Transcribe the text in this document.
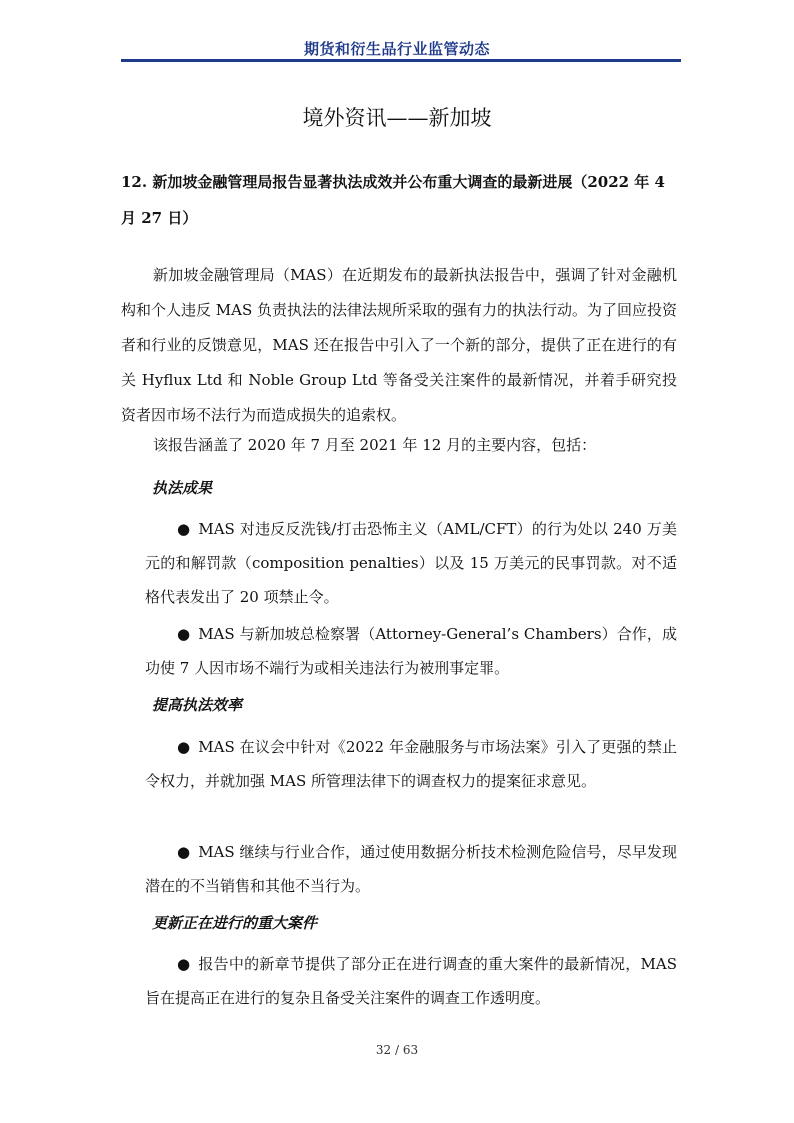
期货和衍生品行业监管动态
境外资讯——新加坡
12. 新加坡金融管理局报告显著执法成效并公布重大调查的最新进展（2022 年 4 月 27 日）
新加坡金融管理局（MAS）在近期发布的最新执法报告中，强调了针对金融机构和个人违反 MAS 负责执法的法律法规所采取的强有力的执法行动。为了回应投资者和行业的反馈意见，MAS 还在报告中引入了一个新的部分，提供了正在进行的有关 Hyflux Ltd 和 Noble Group Ltd 等备受关注案件的最新情况，并着手研究投资者因市场不法行为而造成损失的追索权。
该报告涵盖了 2020 年 7 月至 2021 年 12 月的主要内容，包括：
执法成果
● MAS 对违反反洗钱/打击恐怖主义（AML/CFT）的行为处以 240 万美元的和解罚款（composition penalties）以及 15 万美元的民事罚款。对不适格代表发出了 20 项禁止令。
● MAS 与新加坡总检察署（Attorney-General’s Chambers）合作，成功使 7 人因市场不端行为或相关违法行为被刑事定罪。
提高执法效率
● MAS 在议会中针对《2022 年金融服务与市场法案》引入了更强的禁止令权力，并就加强 MAS 所管理法律下的调查权力的提案征求意见。
● MAS 继续与行业合作，通过使用数据分析技术检测危险信号，尽早发现潜在的不当销售和其他不当行为。
更新正在进行的重大案件
● 报告中的新章节提供了部分正在进行调查的重大案件的最新情况，MAS 旨在提高正在进行的复杂且备受关注案件的调查工作透明度。
32 / 63
